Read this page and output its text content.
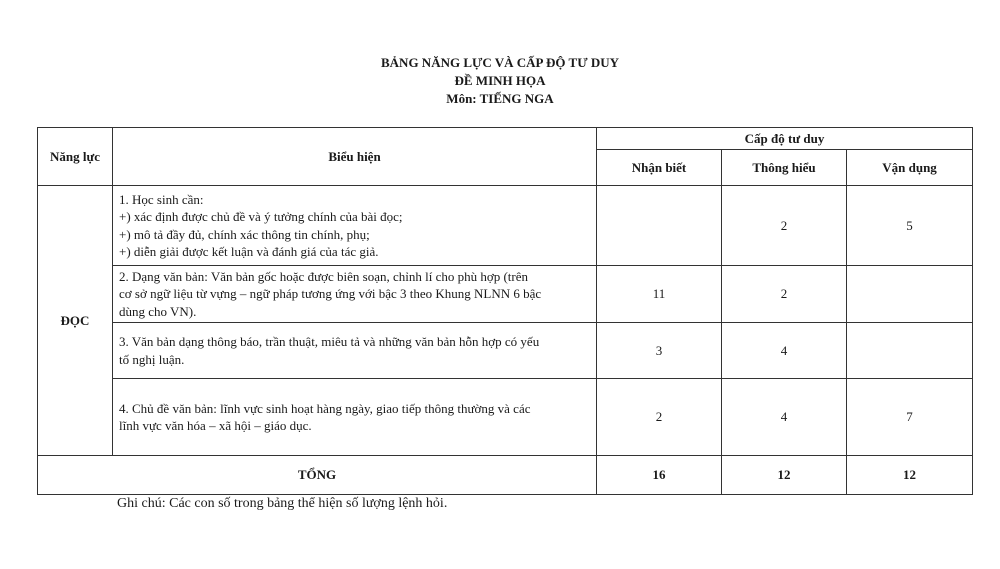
BẢNG NĂNG LỰC VÀ CẤP ĐỘ TƯ DUY
ĐỀ MINH HỌA
Môn: TIẾNG NGA
Năng lực	Biểu hiện	Cấp độ tư duy		
		Nhận biết	Thông hiểu	Vận dụng
ĐỌC	1. Học sinh cần:
+) xác định được chủ đề và ý tưởng chính của bài đọc;
+) mô tả đầy đủ, chính xác thông tin chính, phụ;
+) diễn giải được kết luận và đánh giá của tác giả.		2	5

	2. Dạng văn bản: Văn bản gốc hoặc được biên soạn, chỉnh lí cho phù hợp (trên
cơ sở ngữ liệu từ vựng – ngữ pháp tương ứng với bậc 3 theo Khung NLNN 6 bậc
dùng cho VN).	11	2	

	3. Văn bản dạng thông báo, trần thuật, miêu tả và những văn bản hỗn hợp có yếu
tố nghị luận.	3	4	

	4. Chủ đề văn bản: lĩnh vực sinh hoạt hàng ngày, giao tiếp thông thường và các
lĩnh vực văn hóa – xã hội – giáo dục.	2	4	7
TỔNG		16	12	12
Ghi chú: Các con số trong bảng thể hiện số lượng lệnh hỏi.
